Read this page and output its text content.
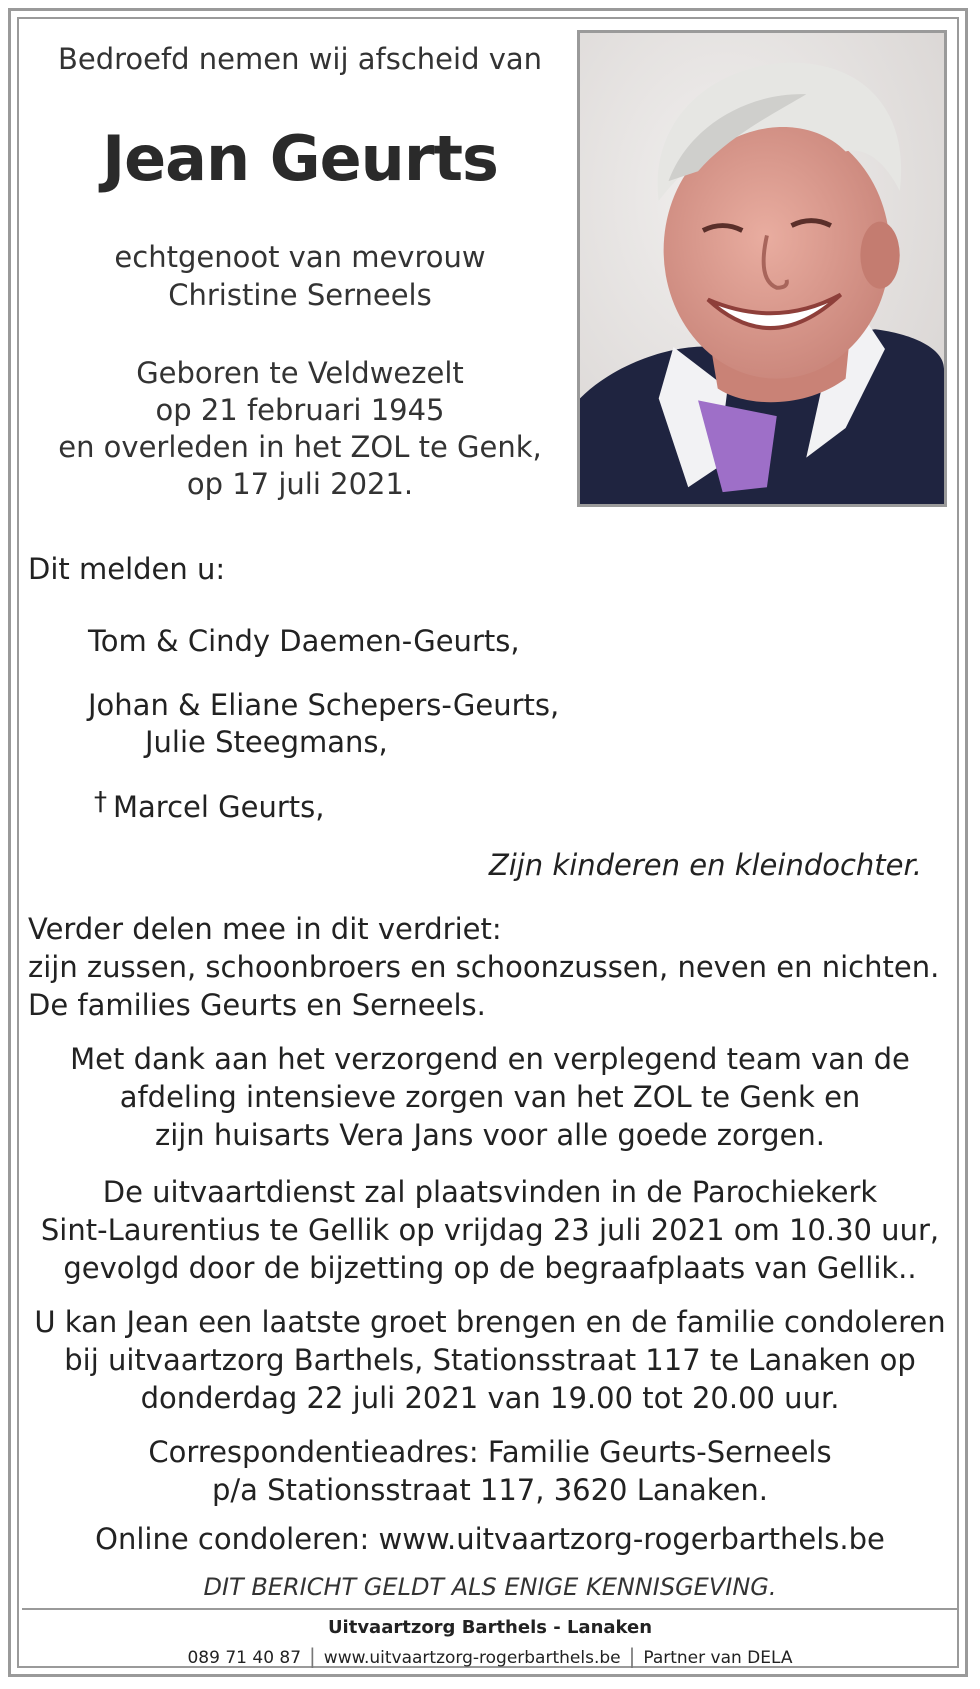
Bedroefd nemen wij afscheid van
Jean Geurts
echtgenoot van mevrouw
Christine Serneels
Geboren te Veldwezelt
op 21 februari 1945
en overleden in het ZOL te Genk,
op 17 juli 2021.
Dit melden u:
Tom & Cindy Daemen-Geurts,
Johan & Eliane Schepers-Geurts,
Julie Steegmans,
† Marcel Geurts,
Zijn kinderen en kleindochter.
Verder delen mee in dit verdriet:
zijn zussen, schoonbroers en schoonzussen, neven en nichten.
De families Geurts en Serneels.
Met dank aan het verzorgend en verplegend team van de
afdeling intensieve zorgen van het ZOL te Genk en
zijn huisarts Vera Jans voor alle goede zorgen.
De uitvaartdienst zal plaatsvinden in de Parochiekerk
Sint-Laurentius te Gellik op vrijdag 23 juli 2021 om 10.30 uur,
gevolgd door de bijzetting op de begraafplaats van Gellik..
U kan Jean een laatste groet brengen en de familie condoleren
bij uitvaartzorg Barthels, Stationsstraat 117 te Lanaken op
donderdag 22 juli 2021 van 19.00 tot 20.00 uur.
Correspondentieadres: Familie Geurts-Serneels
p/a Stationsstraat 117, 3620 Lanaken.
Online condoleren: www.uitvaartzorg-rogerbarthels.be
DIT BERICHT GELDT ALS ENIGE KENNISGEVING.
Uitvaartzorg Barthels - Lanaken
089 71 40 87 | www.uitvaartzorg-rogerbarthels.be | Partner van DELA
